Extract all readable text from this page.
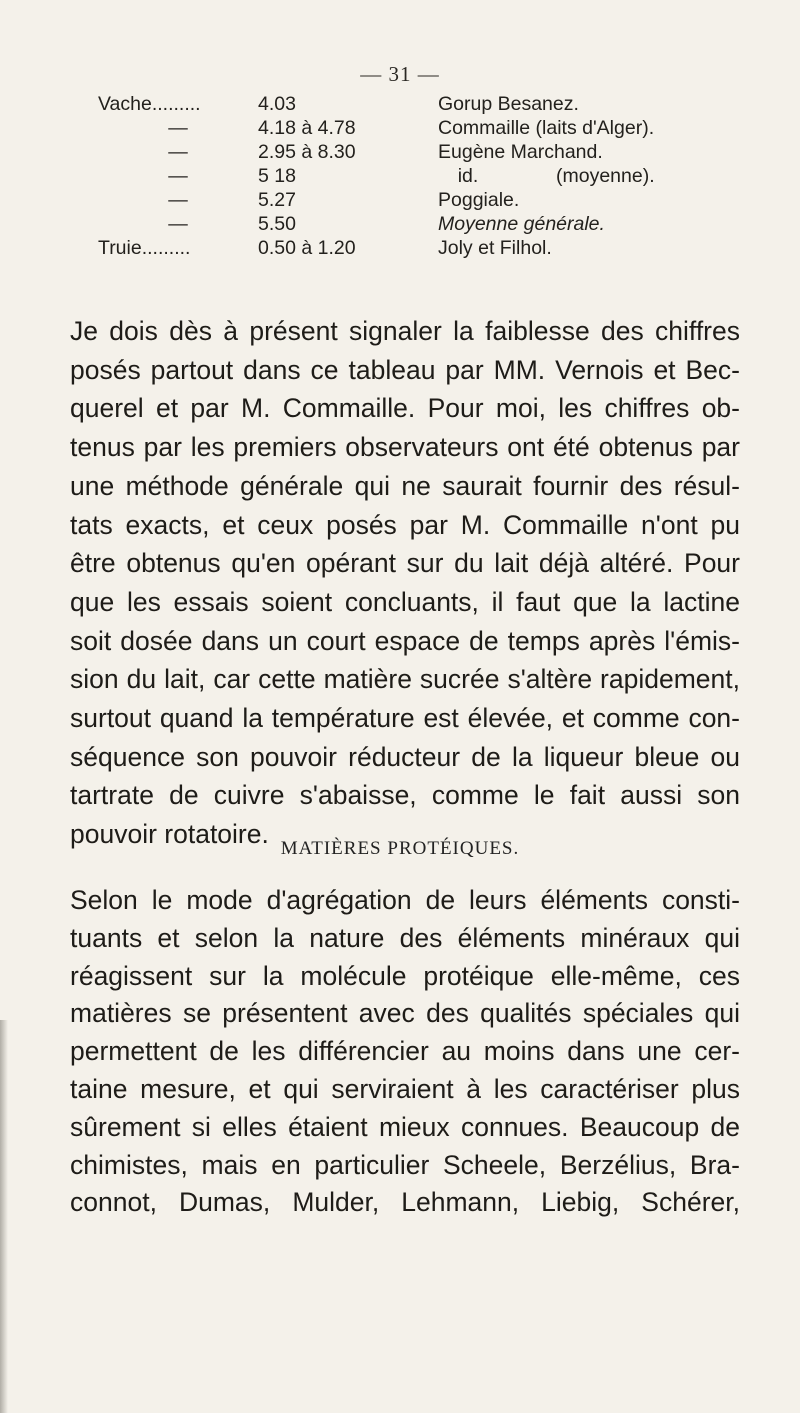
— 31 —
Vache.........	4.03	Gorup Besanez.
—	4.18 à 4.78	Commaille (laits d'Alger).
—	2.95 à 8.30	Eugène Marchand.
—	5 18	id. (moyenne).
—	5.27	Poggiale.
—	5.50	Moyenne générale.
Truie.........	0.50 à 1.20	Joly et Filhol.

Je dois dès à présent signaler la faiblesse des chiffres
posés partout dans ce tableau par MM. Vernois et Bec-
querel et par M. Commaille. Pour moi, les chiffres ob-
tenus par les premiers observateurs ont été obtenus par
une méthode générale qui ne saurait fournir des résul-
tats exacts, et ceux posés par M. Commaille n'ont pu
être obtenus qu'en opérant sur du lait déjà altéré. Pour
que les essais soient concluants, il faut que la lactine
soit dosée dans un court espace de temps après l'émis-
sion du lait, car cette matière sucrée s'altère rapidement,
surtout quand la température est élevée, et comme con-
séquence son pouvoir réducteur de la liqueur bleue ou
tartrate de cuivre s'abaisse, comme le fait aussi son
pouvoir rotatoire. MATIÈRES PROTÉIQUES.
Selon le mode d'agrégation de leurs éléments consti-
tuants et selon la nature des éléments minéraux qui
réagissent sur la molécule protéique elle-même, ces
matières se présentent avec des qualités spéciales qui
permettent de les différencier au moins dans une cer-
taine mesure, et qui serviraient à les caractériser plus
sûrement si elles étaient mieux connues. Beaucoup de
chimistes, mais en particulier Scheele, Berzélius, Bra-
connot, Dumas, Mulder, Lehmann, Liebig, Schérer,
